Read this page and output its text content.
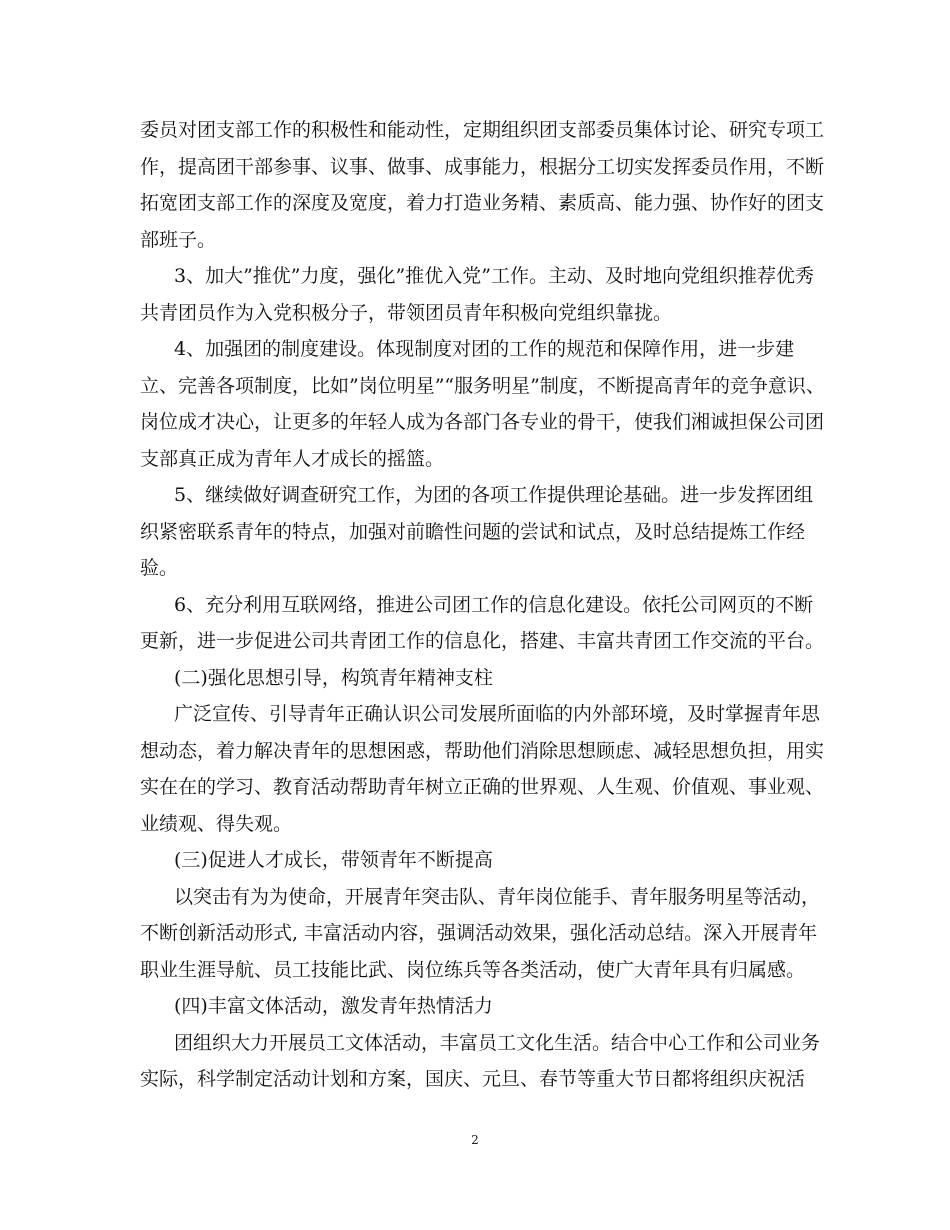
委员对团支部工作的积极性和能动性，定期组织团支部委员集体讨论、研究专项工
作，提高团干部参事、议事、做事、成事能力，根据分工切实发挥委员作用，不断
拓宽团支部工作的深度及宽度，着力打造业务精、素质高、能力强、协作好的团支
部班子。
3、加大”推优”力度，强化”推优入党”工作。主动、及时地向党组织推荐优秀
共青团员作为入党积极分子，带领团员青年积极向党组织靠拢。
4、加强团的制度建设。体现制度对团的工作的规范和保障作用，进一步建
立、完善各项制度，比如”岗位明星”“服务明星”制度，不断提高青年的竞争意识、
岗位成才决心，让更多的年轻人成为各部门各专业的骨干，使我们湘诚担保公司团
支部真正成为青年人才成长的摇篮。
5、继续做好调查研究工作，为团的各项工作提供理论基础。进一步发挥团组
织紧密联系青年的特点，加强对前瞻性问题的尝试和试点，及时总结提炼工作经
验。
6、充分利用互联网络，推进公司团工作的信息化建设。依托公司网页的不断
更新，进一步促进公司共青团工作的信息化，搭建、丰富共青团工作交流的平台。
(二)强化思想引导，构筑青年精神支柱
广泛宣传、引导青年正确认识公司发展所面临的内外部环境，及时掌握青年思
想动态，着力解决青年的思想困惑，帮助他们消除思想顾虑、减轻思想负担，用实
实在在的学习、教育活动帮助青年树立正确的世界观、人生观、价值观、事业观、
业绩观、得失观。
(三)促进人才成长，带领青年不断提高
以突击有为为使命，开展青年突击队、青年岗位能手、青年服务明星等活动，
不断创新活动形式, 丰富活动内容，强调活动效果，强化活动总结。深入开展青年
职业生涯导航、员工技能比武、岗位练兵等各类活动，使广大青年具有归属感。
(四)丰富文体活动，激发青年热情活力
团组织大力开展员工文体活动，丰富员工文化生活。结合中心工作和公司业务
实际，科学制定活动计划和方案，国庆、元旦、春节等重大节日都将组织庆祝活
2
